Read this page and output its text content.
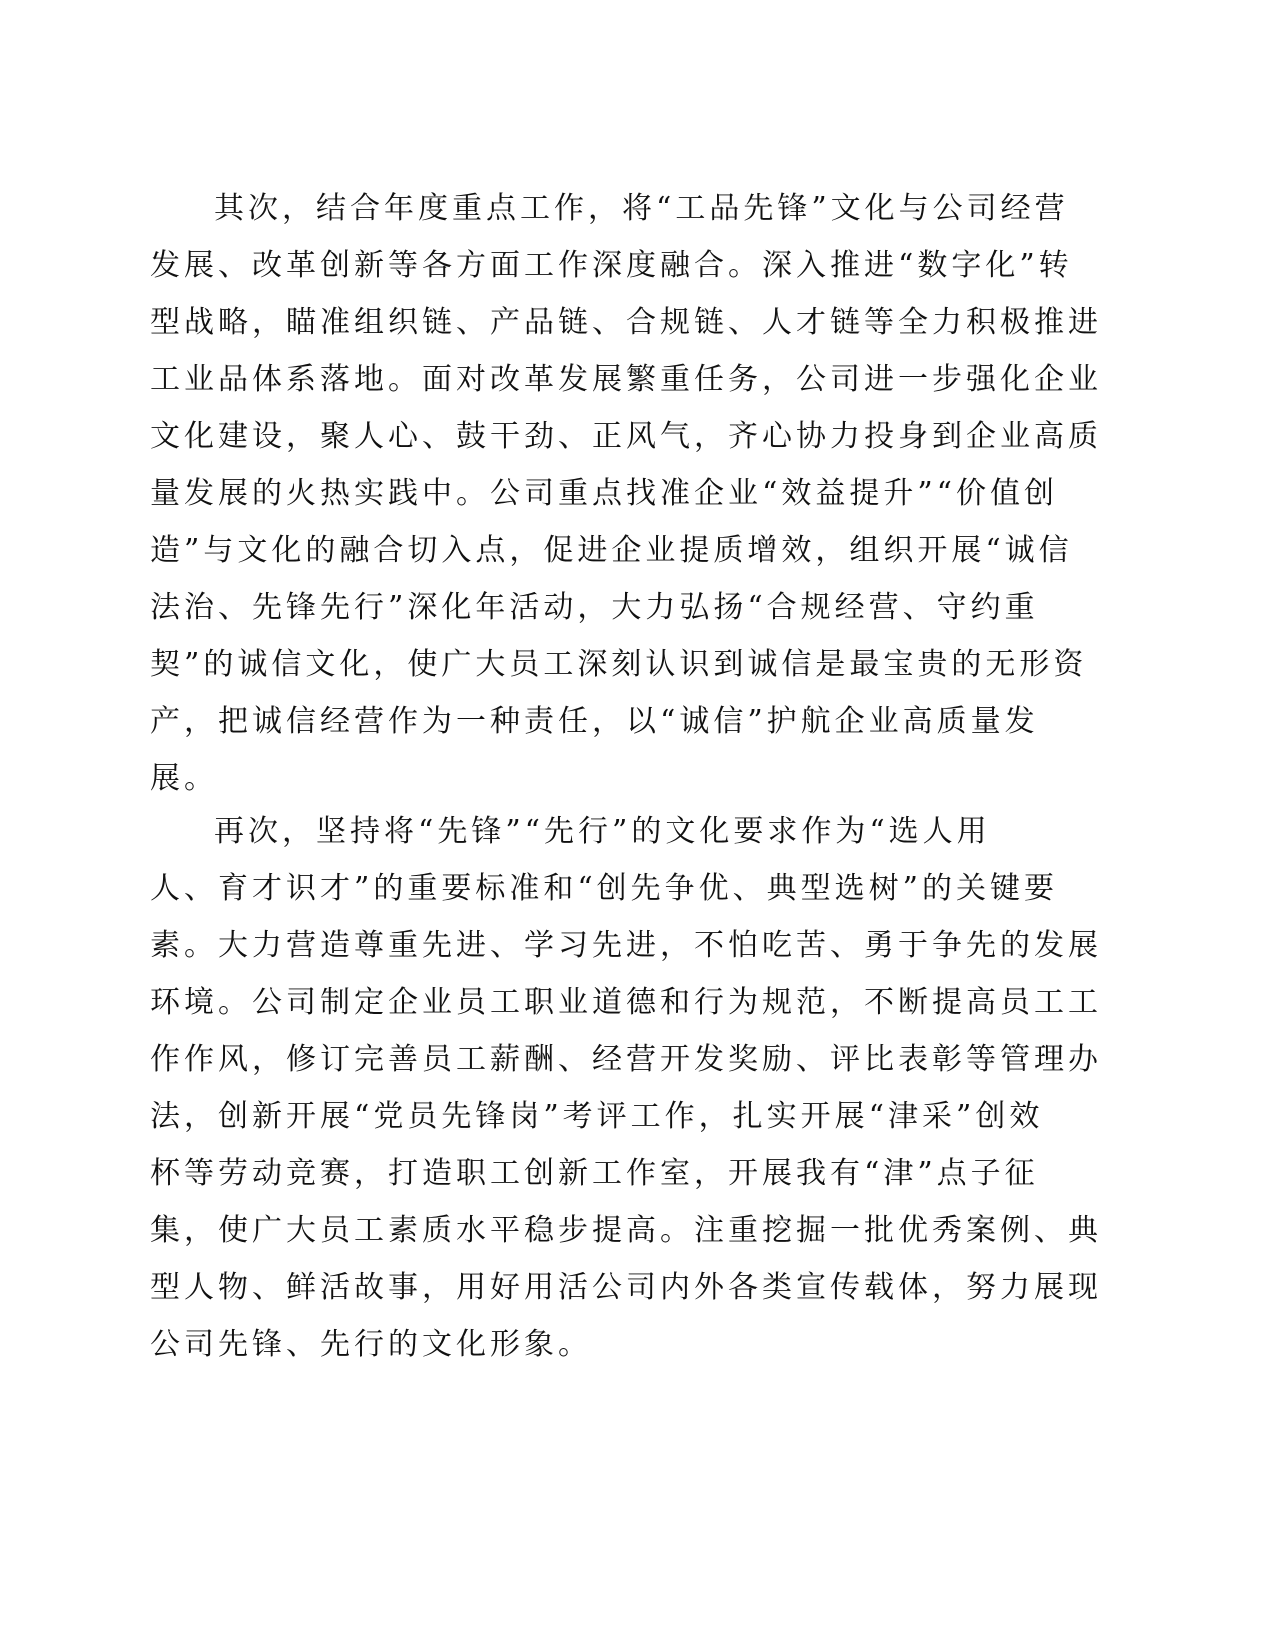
其次，结合年度重点工作，将“工品先锋”文化与公司经营
发展、改革创新等各方面工作深度融合。深入推进“数字化”转
型战略，瞄准组织链、产品链、合规链、人才链等全力积极推进
工业品体系落地。面对改革发展繁重任务，公司进一步强化企业
文化建设，聚人心、鼓干劲、正风气，齐心协力投身到企业高质
量发展的火热实践中。公司重点找准企业“效益提升”“价值创
造”与文化的融合切入点，促进企业提质增效，组织开展“诚信
法治、先锋先行”深化年活动，大力弘扬“合规经营、守约重
契”的诚信文化，使广大员工深刻认识到诚信是最宝贵的无形资
产，把诚信经营作为一种责任，以“诚信”护航企业高质量发
展。
再次，坚持将“先锋”“先行”的文化要求作为“选人用
人、育才识才”的重要标准和“创先争优、典型选树”的关键要
素。大力营造尊重先进、学习先进，不怕吃苦、勇于争先的发展
环境。公司制定企业员工职业道德和行为规范，不断提高员工工
作作风，修订完善员工薪酬、经营开发奖励、评比表彰等管理办
法，创新开展“党员先锋岗”考评工作，扎实开展“津采”创效
杯等劳动竞赛，打造职工创新工作室，开展我有“津”点子征
集，使广大员工素质水平稳步提高。注重挖掘一批优秀案例、典
型人物、鲜活故事，用好用活公司内外各类宣传载体，努力展现
公司先锋、先行的文化形象。
